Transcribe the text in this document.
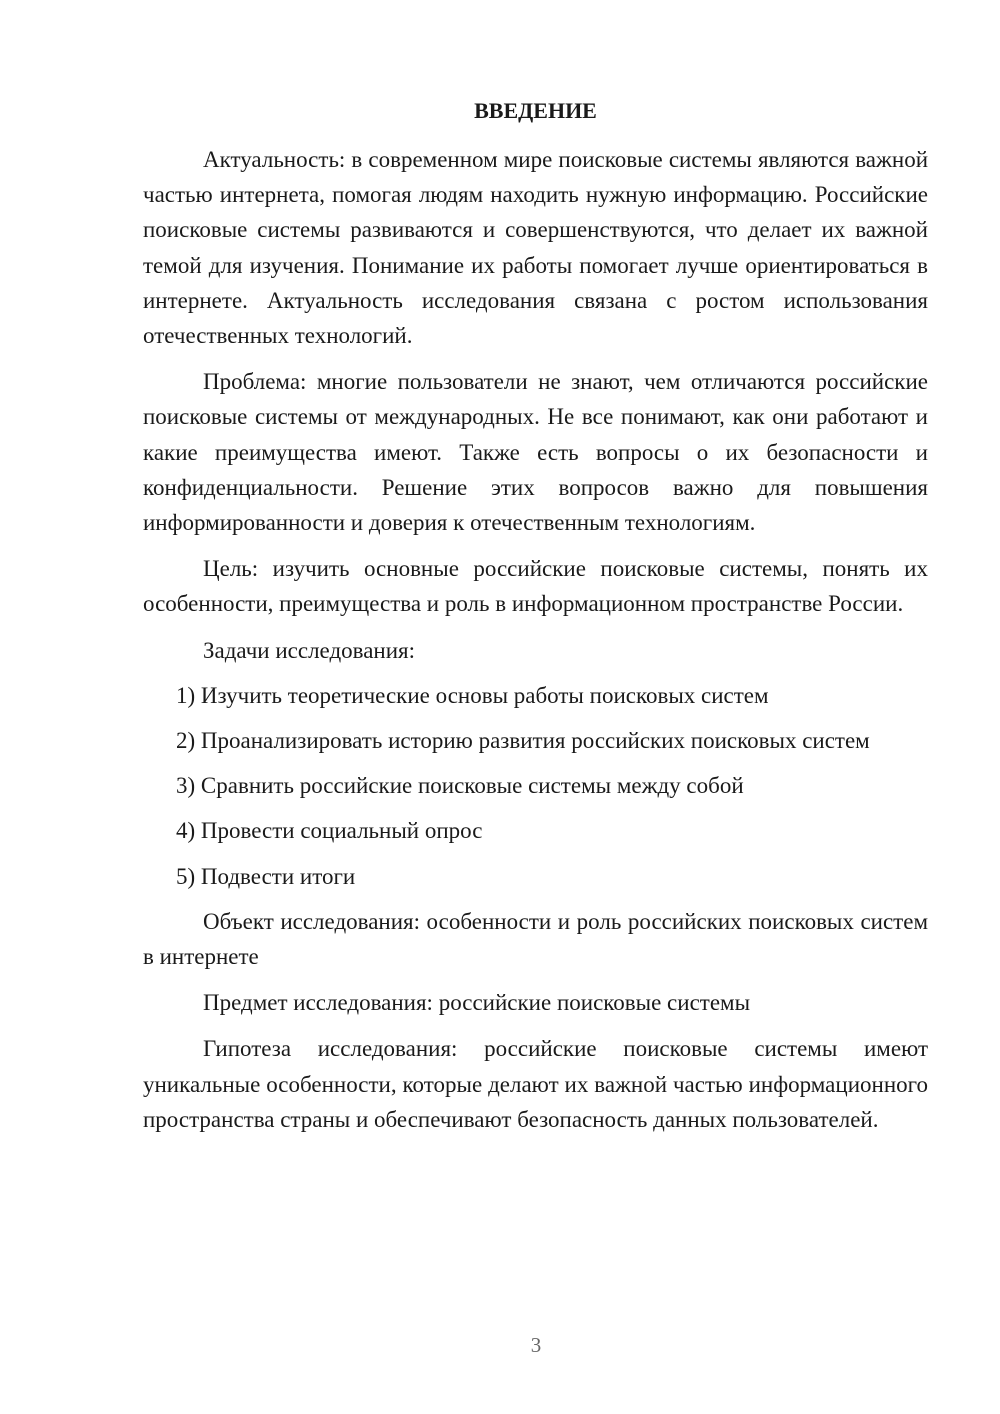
ВВЕДЕНИЕ

Актуальность: в современном мире поисковые системы являются важной частью интернета, помогая людям находить нужную информацию. Российские поисковые системы развиваются и совершенствуются, что делает их важной темой для изучения. Понимание их работы помогает лучше ориентироваться в интернете. Актуальность исследования связана с ростом использования отечественных технологий.

Проблема: многие пользователи не знают, чем отличаются российские поисковые системы от международных. Не все понимают, как они работают и какие преимущества имеют. Также есть вопросы о их безопасности и конфиденциальности. Решение этих вопросов важно для повышения информированности и доверия к отечественным технологиям.

Цель: изучить основные российские поисковые системы, понять их особенности, преимущества и роль в информационном пространстве России.

Задачи исследования:
1) Изучить теоретические основы работы поисковых систем
2) Проанализировать историю развития российских поисковых систем
3) Сравнить российские поисковые системы между собой
4) Провести социальный опрос
5) Подвести итоги

Объект исследования: особенности и роль российских поисковых систем в интернете

Предмет исследования: российские поисковые системы

Гипотеза исследования: российские поисковые системы имеют уникальные особенности, которые делают их важной частью информационного пространства страны и обеспечивают безопасность данных пользователей.

3
